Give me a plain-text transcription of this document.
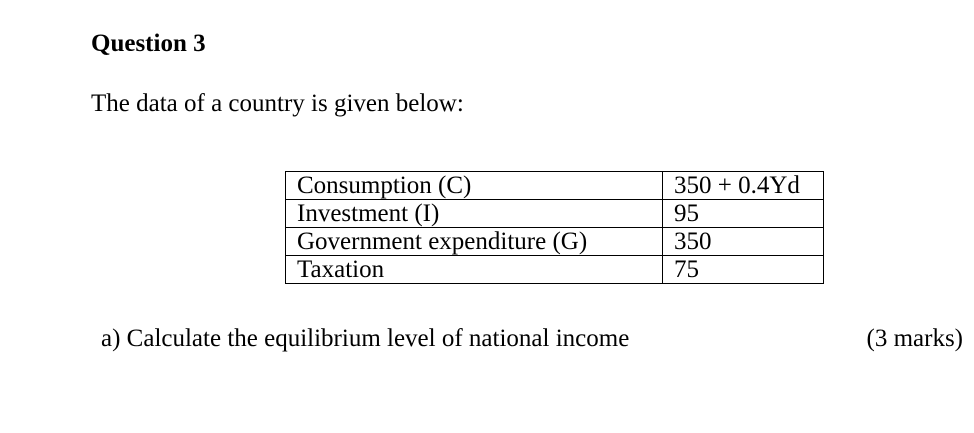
Question 3
The data of a country is given below:
Consumption (C)	350 + 0.4Yd
Investment (I)	95
Government expenditure (G)	350
Taxation	75
a) Calculate the equilibrium level of national income	(3 marks)
